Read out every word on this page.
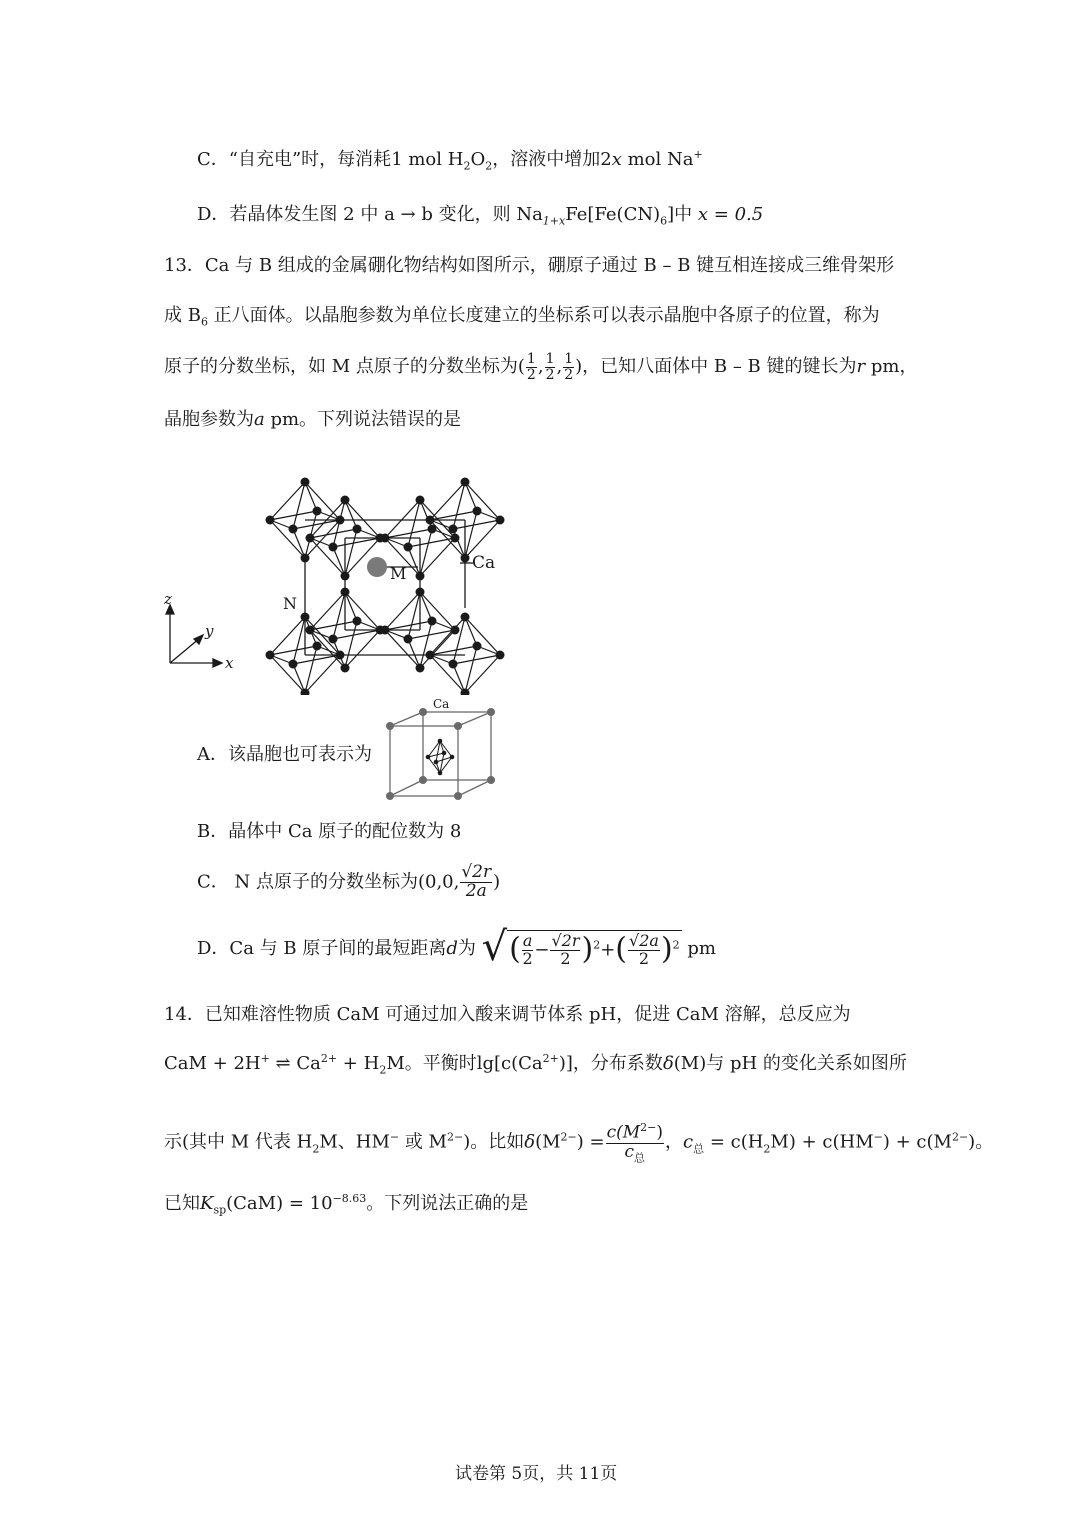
C．“自充电”时，每消耗1 mol $H_2O_2$，溶液中增加2x mol Na+
D．若晶体发生图 2 中 a → b 变化，则 $Na_{1+x}Fe[Fe(CN)_6]$中 x = 0.5
13．Ca 与 B 组成的金属硼化物结构如图所示，硼原子通过 B – B 键互相连接成三维骨架形
成 $B_6$ 正八面体。以晶胞参数为单位长度建立的坐标系可以表示晶胞中各原子的位置，称为
原子的分数坐标，如 M 点原子的分数坐标为( $\frac{1}{2}$ , $\frac{1}{2}$ , $\frac{1}{2}$ )，已知八面体中 B – B 键的键长为r pm，
晶胞参数为a pm。下列说法错误的是
M
Ca
N
z
y
x
A．该晶胞也可表示为
Ca
B．晶体中 Ca 原子的配位数为 8
C． N 点原子的分数坐标为(0,0, $\frac{√2r}{2a}$ )
D．Ca 与 B 原子间的最短距离d为 √( $\frac{a}{2} - \frac{√2r}{2} )^2+( \frac{√2a}{2} )^2$ pm
14．已知难溶性物质 CaM 可通过加入酸来调节体系 pH，促进 CaM 溶解，总反应为
CaM + 2H+ ⇌ $Ca^{2+} + H_2M$。平衡时$\lg[c(Ca^{2+})]$，分布系数δ(M)与 pH 的变化关系如图所
示(其中 M 代表 $H_2M$、HM− 或 $M^{2-}$)。比如$\delta(M^{2-}) = \frac{c(M^{2-})}{c_总}$ ，$c_总 = c(H_2M) + c(HM^-) + c(M^{2-})$。
已知$K_{sp}(CaM) = 10^{-8.63}$。下列说法正确的是
试卷第 5页，共 11页
